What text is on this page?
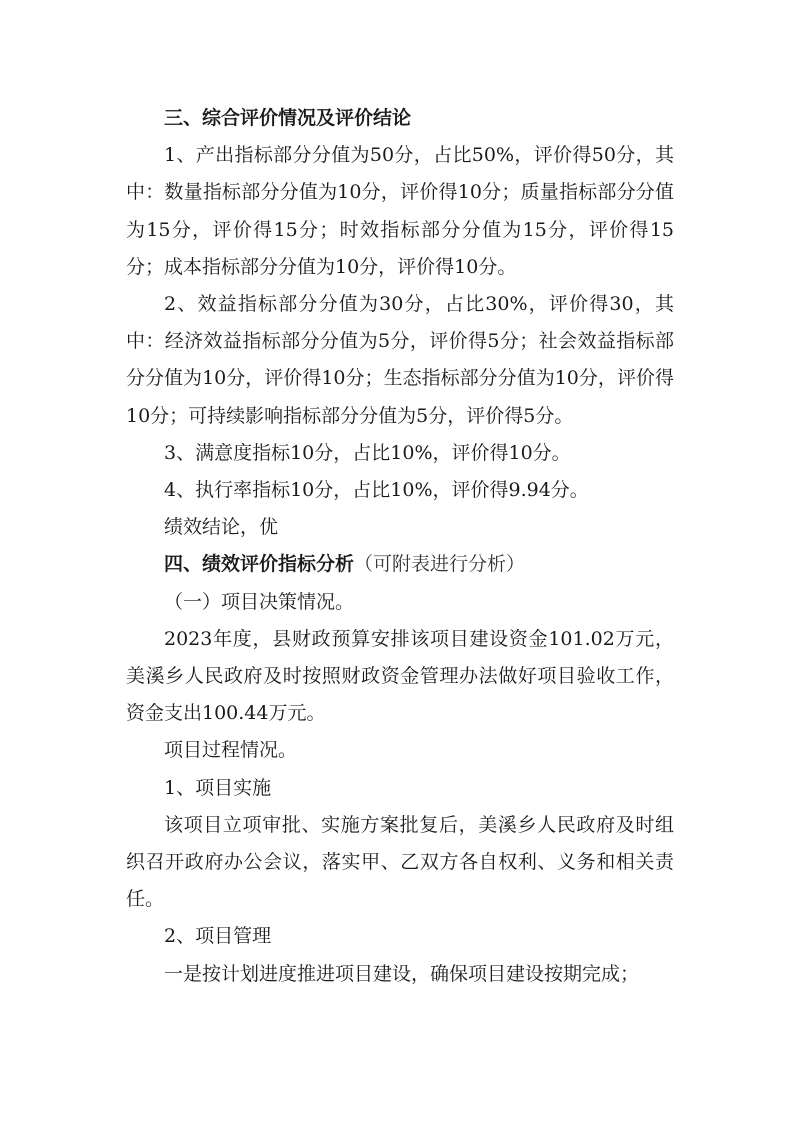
三、综合评价情况及评价结论

1、产出指标部分分值为50分，占比50%，评价得50分，其中：数量指标部分分值为10分，评价得10分；质量指标部分分值为15分，评价得15分；时效指标部分分值为15分，评价得15分；成本指标部分分值为10分，评价得10分。

2、效益指标部分分值为30分，占比30%，评价得30，其中：经济效益指标部分分值为5分，评价得5分；社会效益指标部分分值为10分，评价得10分；生态指标部分分值为10分，评价得10分；可持续影响指标部分分值为5分，评价得5分。

3、满意度指标10分，占比10%，评价得10分。

4、执行率指标10分，占比10%，评价得9.94分。

绩效结论，优

四、绩效评价指标分析（可附表进行分析）

（一）项目决策情况。

2023年度，县财政预算安排该项目建设资金101.02万元，美溪乡人民政府及时按照财政资金管理办法做好项目验收工作，资金支出100.44万元。

项目过程情况。

1、项目实施

该项目立项审批、实施方案批复后，美溪乡人民政府及时组织召开政府办公会议，落实甲、乙双方各自权利、义务和相关责任。

2、项目管理

一是按计划进度推进项目建设，确保项目建设按期完成；
